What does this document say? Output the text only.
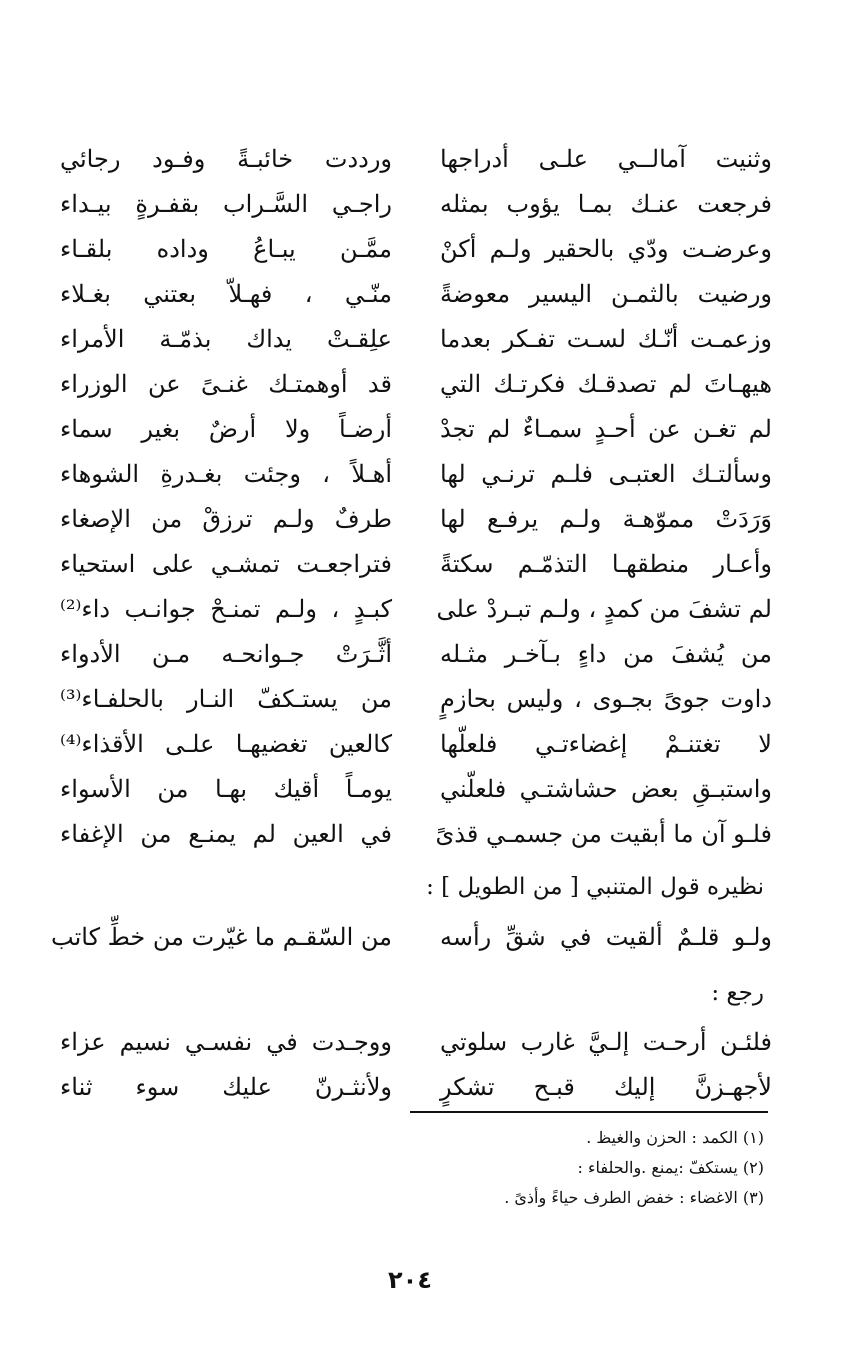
وثنيت آمالــي علـى أدراجها
ورددت خائبـةً وفـود رجائي
فرجعت عنـك بمـا يؤوب بمثله
راجـي السَّـراب بقفـرةٍ بيـداء
وعرضـت ودّي بالحقير ولـم أكنْ
ممَّـن يبـاعُ وداده بلقـاء
ورضيت بالثمـن اليسير معوضةً
منّـي ، فهـلاّ بعتني بغـلاء
وزعمـت أنّـك لسـت تفـكر بعدما
علِقـتْ يداك بذمّـة الأمراء
هيهـاتَ لم تصدقـك فكرتـك التي
قد أوهمتـك غنـىً عن الوزراء
لم تغـن عن أحـدٍ سمـاءٌ لم تجدْ
أرضـاً ولا أرضٌ بغير سماء
وسألتـك العتبـى فلـم ترنـي لها
أهـلاً ، وجئت بغـدرةِ الشوهاء
وَرَدَتْ مموّهـة ولـم يرفـع لها
طرفٌ ولـم ترزقْ من الإصغاء
وأعـار منطقهـا التذمّـم سكتةً
فتراجعـت تمشـي على استحياء
لم تشفَ من كمدٍ ، ولـم تبـردْ على
كبـدٍ ، ولـم تمنـحْ جوانـب داء⁽²⁾
من يُشفَ من داءٍ بـآخـر مثـله
أثَّـرَتْ جـوانحـه مـن الأدواء
داوت جوىً بجـوى ، وليس بحازمٍ
من يستـكفّ النـار بالحلفـاء⁽³⁾
لا تغتنـمْ إغضاءتـي فلعلّها
كالعين تغضيهـا علـى الأقذاء⁽⁴⁾
واستبـقِ بعض حشاشتـي فلعلّني
يومـاً أقيك بهـا من الأسواء
فلـو آن ما أبقيت من جسمـي قذىً
في العين لم يمنـع من الإغفاء
نظيره قول المتنبي [ من الطويل ] :
ولـو قلـمٌ ألقيت في شقِّ رأسه
من السّقـم ما غيّرت من خطِّ كاتب
رجع :
فلئـن أرحـت إلـيَّ غارب سلوتي
ووجـدت في نفسـي نسيم عزاء
لأجهـزنَّ إليك قبـح تشكرٍ
ولأنثـرنّ عليك سوء ثناء
(١) الكمد : الحزن والغيظ .
(٢) يستكفّ :يمنع .والحلفاء :
(٣) الاغضاء : خفض الطرف حياءً وأذىً .
٢٠٤
